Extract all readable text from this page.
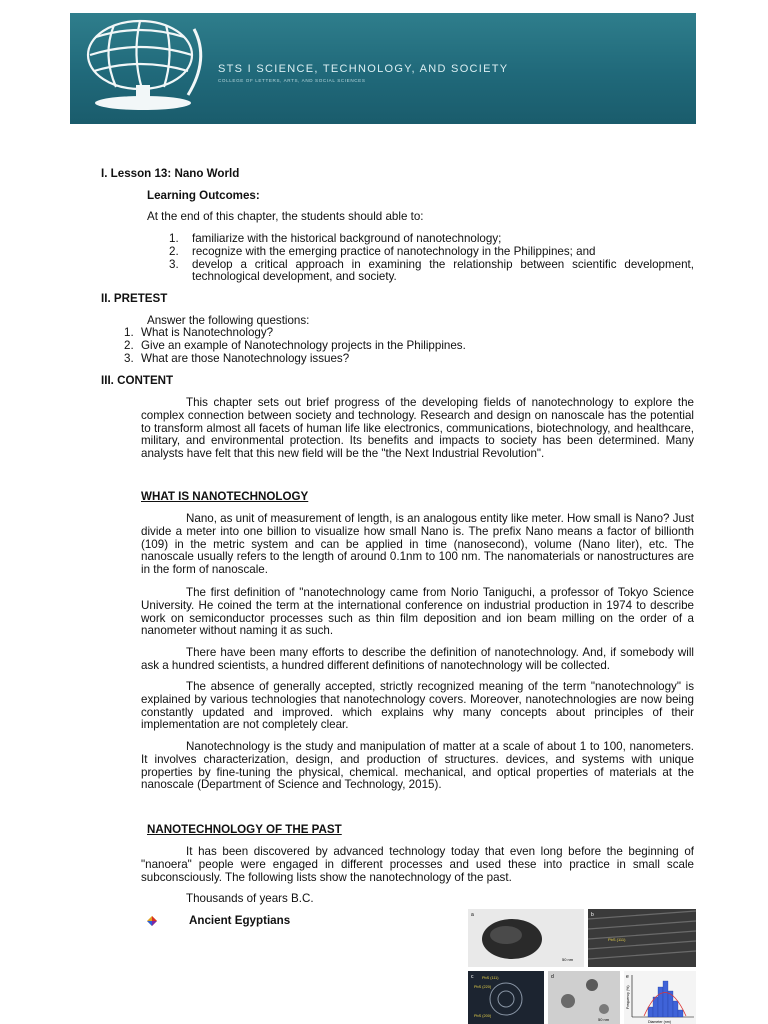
STS I SCIENCE, TECHNOLOGY, AND SOCIETY
COLLEGE OF LETTERS, ARTS, AND SOCIAL SCIENCES
I. Lesson 13: Nano World
Learning Outcomes:
At the end of this chapter, the students should able to:
1. familiarize with the historical background of nanotechnology;
2. recognize with the emerging practice of nanotechnology in the Philippines; and
3. develop a critical approach in examining the relationship between scientific development, technological development, and society.
II. PRETEST
Answer the following questions:
1. What is Nanotechnology?
2. Give an example of Nanotechnology projects in the Philippines.
3. What are those Nanotechnology issues?
III. CONTENT
This chapter sets out brief progress of the developing fields of nanotechnology to explore the complex connection between society and technology. Research and design on nanoscale has the potential to transform almost all facets of human life like electronics, communications, biotechnology, and healthcare, military, and environmental protection. Its benefits and impacts to society has been determined. Many analysts have felt that this new field will be the "the Next Industrial Revolution".
WHAT IS NANOTECHNOLOGY
Nano, as unit of measurement of length, is an analogous entity like meter. How small is Nano? Just divide a meter into one billion to visualize how small Nano is. The prefix Nano means a factor of billionth (109) in the metric system and can be applied in time (nanosecond), volume (Nano liter), etc. The nanoscale usually refers to the length of around 0.1nm to 100 nm. The nanomaterials or nanostructures are in the form of nanoscale.
The first definition of "nanotechnology came from Norio Taniguchi, a professor of Tokyo Science University. He coined the term at the international conference on industrial production in 1974 to describe work on semiconductor processes such as thin film deposition and ion beam milling on the order of a nanometer without naming it as such.
There have been many efforts to describe the definition of nanotechnology. And, if somebody will ask a hundred scientists, a hundred different definitions of nanotechnology will be collected.
The absence of generally accepted, strictly recognized meaning of the term "nanotechnology" is explained by various technologies that nanotechnology covers. Moreover, nanotechnologies are now being constantly updated and improved. which explains why many concepts about principles of their implementation are not completely clear.
Nanotechnology is the study and manipulation of matter at a scale of about 1 to 100, nanometers. It involves characterization, design, and production of structures. devices, and systems with unique properties by fine-tuning the physical, chemical. mechanical, and optical properties of materials at the nanoscale (Department of Science and Technology, 2015).
NANOTECHNOLOGY OF THE PAST
It has been discovered by advanced technology today that even long before the beginning of "nanoera" people were engaged in different processes and used these into practice in small scale subconsciously. The following lists show the nanotechnology of the past.
Thousands of years B.C.
Ancient Egyptians	a
50 nm
b
PbS (111)
c PbS (111)
PbS (220)
PbS (200)
d
50 nm
e
Diameter (nm)
Frequency (%)
